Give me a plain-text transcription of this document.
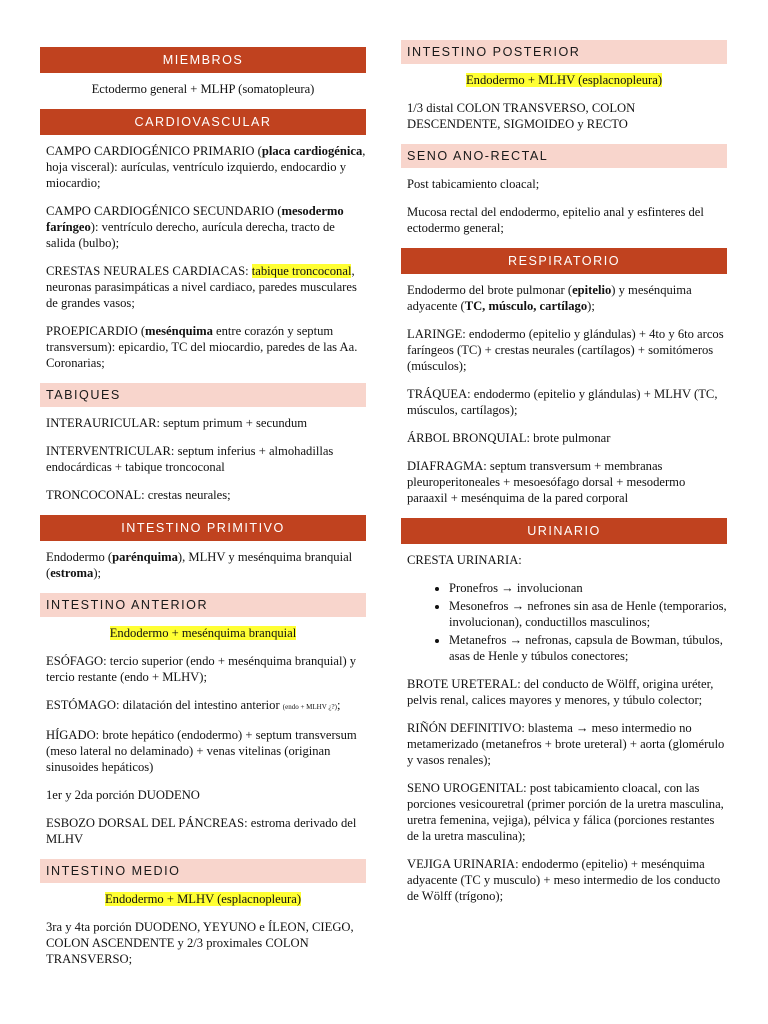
MIEMBROS

Ectodermo general + MLHP (somatopleura)

CARDIOVASCULAR

CAMPO CARDIOGÉNICO PRIMARIO (placa cardiogénica, hoja visceral): aurículas, ventrículo izquierdo, endocardio y miocardio;

CAMPO CARDIOGÉNICO SECUNDARIO (mesodermo faríngeo): ventrículo derecho, aurícula derecha, tracto de salida (bulbo);

CRESTAS NEURALES CARDIACAS: tabique troncoconal, neuronas parasimpáticas a nivel cardiaco, paredes musculares de grandes vasos;

PROEPICARDIO (mesénquima entre corazón y septum transversum): epicardio, TC del miocardio, paredes de las Aa. Coronarias;

TABIQUES

INTERAURICULAR: septum primum + secundum

INTERVENTRICULAR: septum inferius + almohadillas endocárdicas + tabique troncoconal

TRONCOCONAL: crestas neurales;

INTESTINO PRIMITIVO

Endodermo (parénquima), MLHV y mesénquima branquial (estroma);

INTESTINO ANTERIOR

Endodermo + mesénquima branquial

ESÓFAGO: tercio superior (endo + mesénquima branquial) y tercio restante (endo + MLHV);

ESTÓMAGO: dilatación del intestino anterior (endo + MLHV ¿?);

HÍGADO: brote hepático (endodermo) + septum transversum (meso lateral no delaminado) + venas vitelinas (originan sinusoides hepáticos)

1er y 2da porción DUODENO

ESBOZO DORSAL DEL PÁNCREAS: estroma derivado del MLHV

INTESTINO MEDIO

Endodermo + MLHV (esplacnopleura)

3ra y 4ta porción DUODENO, YEYUNO e ÍLEON, CIEGO, COLON ASCENDENTE y 2/3 proximales COLON TRANSVERSO;

INTESTINO POSTERIOR

Endodermo + MLHV (esplacnopleura)

1/3 distal COLON TRANSVERSO, COLON DESCENDENTE, SIGMOIDEO y RECTO

SENO ANO-RECTAL

Post tabicamiento cloacal;

Mucosa rectal del endodermo, epitelio anal y esfinteres del ectodermo general;

RESPIRATORIO

Endodermo del brote pulmonar (epitelio) y mesénquima adyacente (TC, músculo, cartílago);

LARINGE: endodermo (epitelio y glándulas) + 4to y 6to arcos faríngeos (TC) + crestas neurales (cartílagos) + somitómeros (músculos);

TRÁQUEA: endodermo (epitelio y glándulas) + MLHV (TC, músculos, cartílagos);

ÁRBOL BRONQUIAL: brote pulmonar

DIAFRAGMA: septum transversum + membranas pleuroperitoneales + mesoesófago dorsal + mesodermo paraaxil + mesénquima de la pared corporal

URINARIO

CRESTA URINARIA:

• Pronefros → involucionan
• Mesonefros → nefrones sin asa de Henle (temporarios, involucionan), conductillos masculinos;
• Metanefros → nefronas, capsula de Bowman, túbulos, asas de Henle y túbulos conectores;

BROTE URETERAL: del conducto de Wölff, origina uréter, pelvis renal, calices mayores y menores, y túbulo colector;

RIÑÓN DEFINITIVO: blastema → meso intermedio no metamerizado (metanefros + brote ureteral) + aorta (glomérulo y vasos renales);

SENO UROGENITAL: post tabicamiento cloacal, con las porciones vesicouretral (primer porción de la uretra masculina, uretra femenina, vejiga), pélvica y fálica (porciones restantes de la uretra masculina);

VEJIGA URINARIA: endodermo (epitelio) + mesénquima adyacente (TC y musculo) + meso intermedio de los conducto de Wölff (trígono);
